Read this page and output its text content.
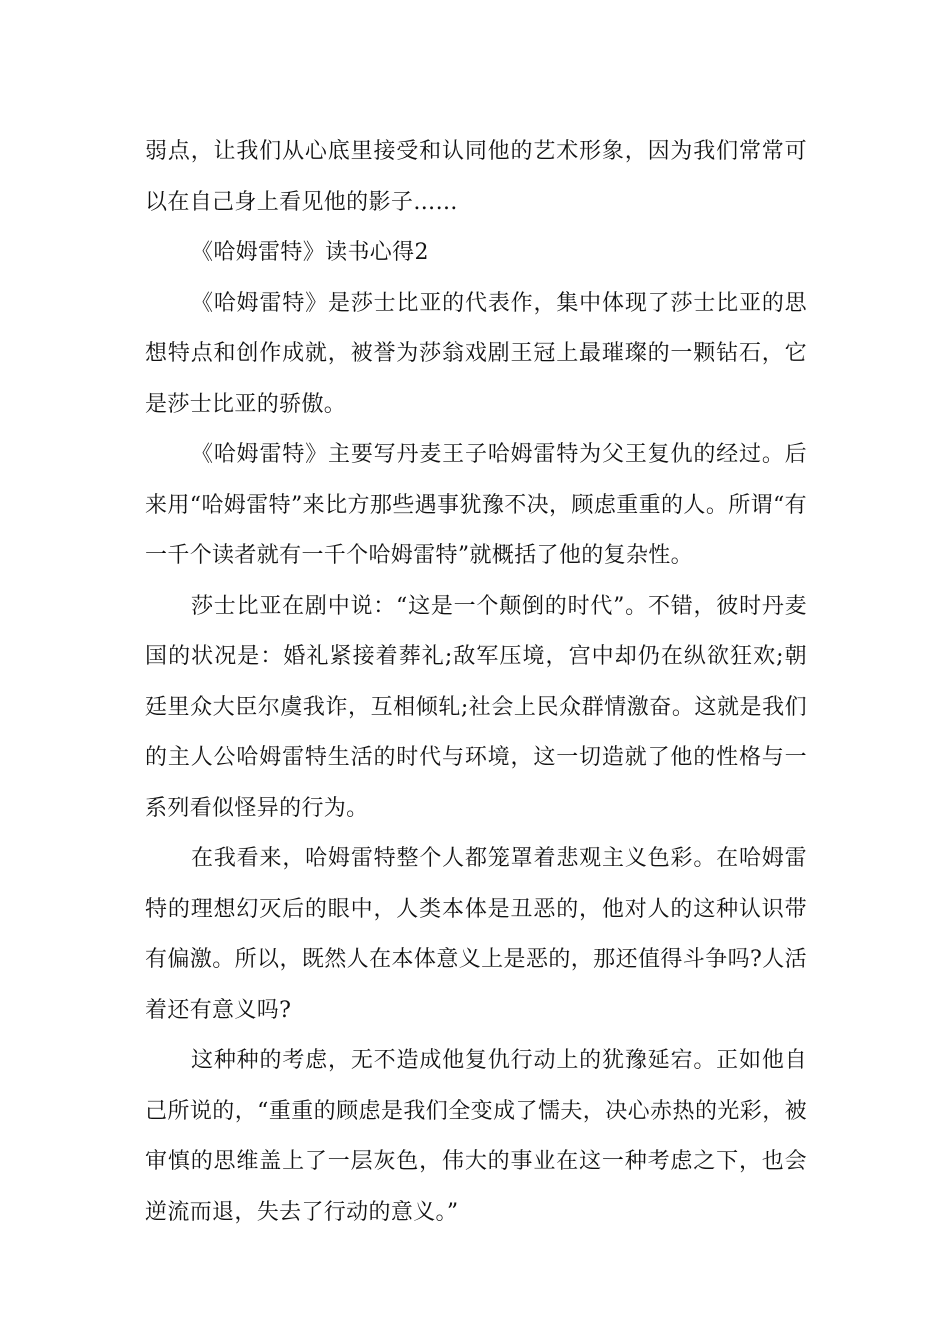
弱点，让我们从心底里接受和认同他的艺术形象，因为我们常常可以在自己身上看见他的影子……

《哈姆雷特》读书心得2

《哈姆雷特》是莎士比亚的代表作，集中体现了莎士比亚的思想特点和创作成就，被誉为莎翁戏剧王冠上最璀璨的一颗钻石，它是莎士比亚的骄傲。

《哈姆雷特》主要写丹麦王子哈姆雷特为父王复仇的经过。后来用“哈姆雷特”来比方那些遇事犹豫不决，顾虑重重的人。所谓“有一千个读者就有一千个哈姆雷特”就概括了他的复杂性。

莎士比亚在剧中说：“这是一个颠倒的时代”。不错，彼时丹麦国的状况是：婚礼紧接着葬礼;敌军压境，宫中却仍在纵欲狂欢;朝廷里众大臣尔虞我诈，互相倾轧;社会上民众群情激奋。这就是我们的主人公哈姆雷特生活的时代与环境，这一切造就了他的性格与一系列看似怪异的行为。

在我看来，哈姆雷特整个人都笼罩着悲观主义色彩。在哈姆雷特的理想幻灭后的眼中，人类本体是丑恶的，他对人的这种认识带有偏激。所以，既然人在本体意义上是恶的，那还值得斗争吗?人活着还有意义吗?

这种种的考虑，无不造成他复仇行动上的犹豫延宕。正如他自己所说的，“重重的顾虑是我们全变成了懦夫，决心赤热的光彩，被审慎的思维盖上了一层灰色，伟大的事业在这一种考虑之下，也会逆流而退，失去了行动的意义。”
